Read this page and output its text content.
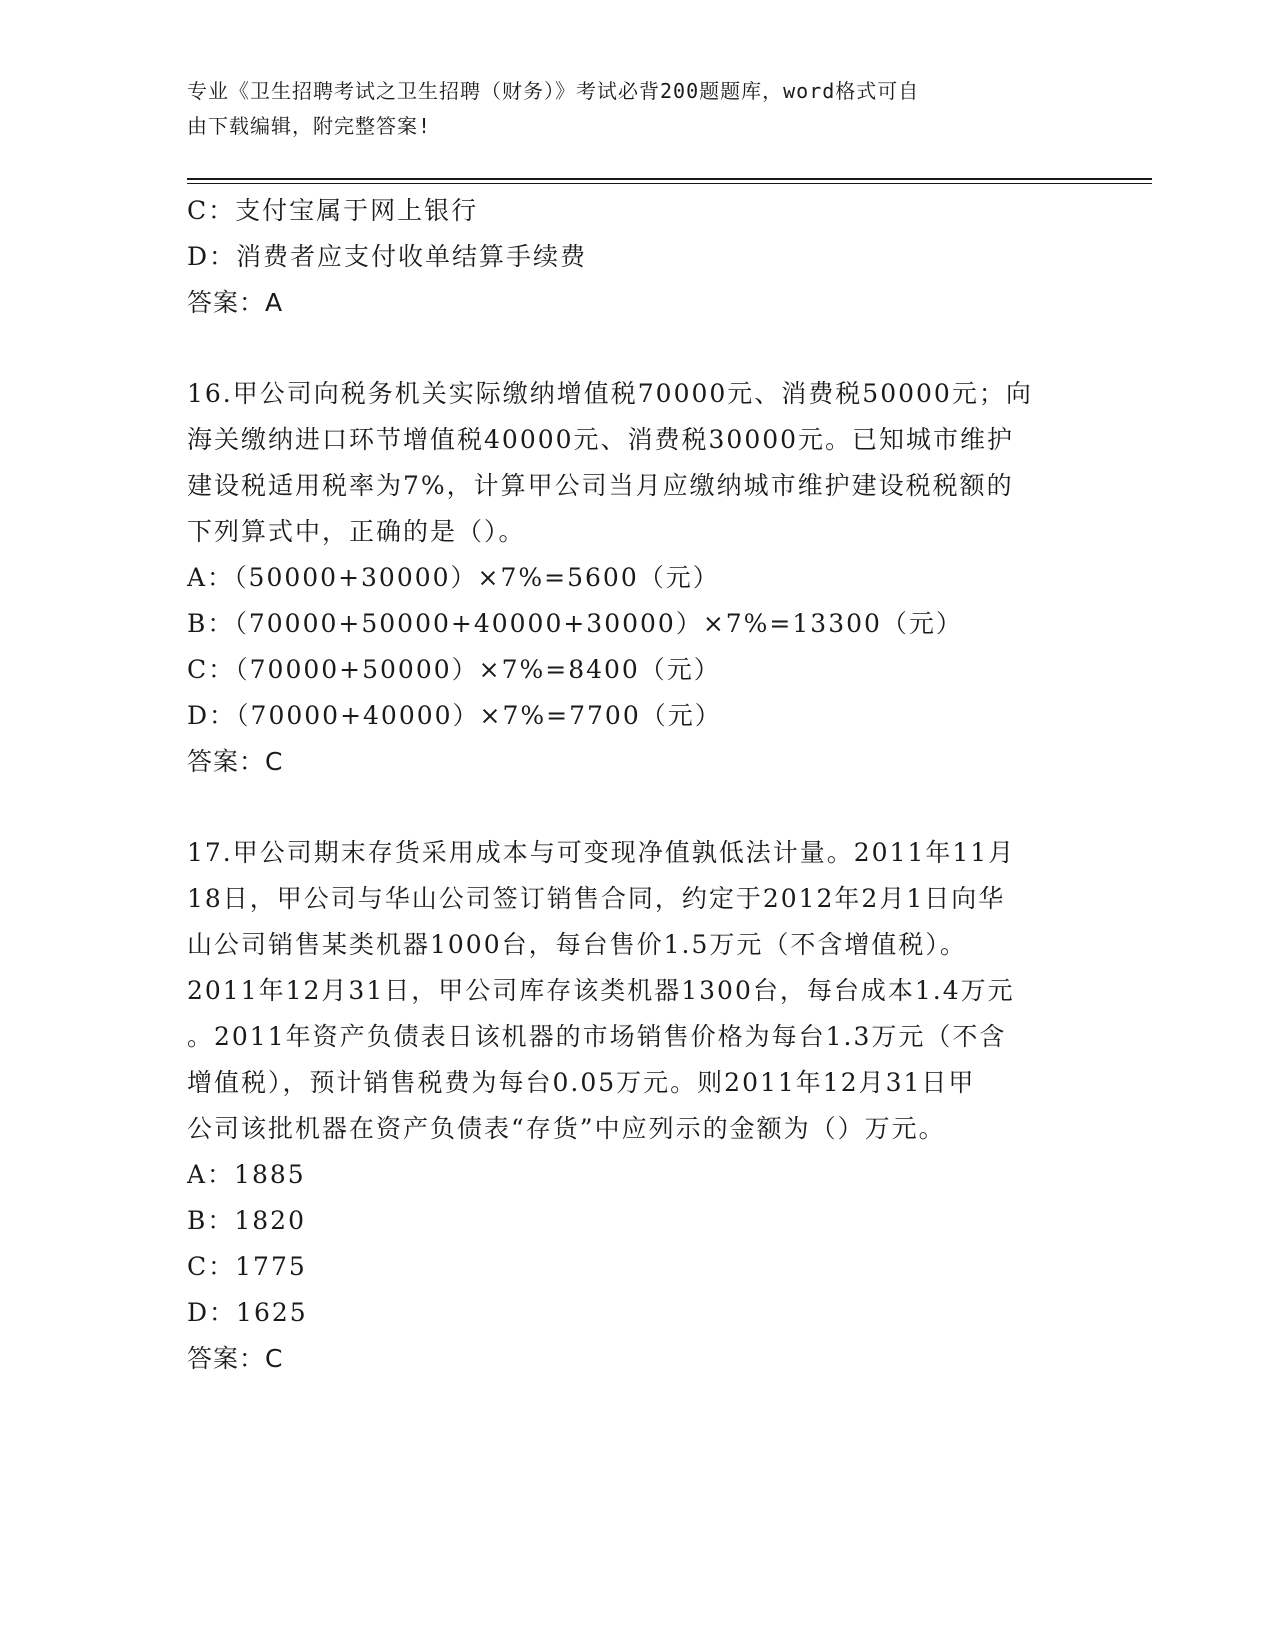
专业《卫生招聘考试之卫生招聘（财务）》考试必背200题题库，word格式可自
由下载编辑，附完整答案!

C：支付宝属于网上银行

D：消费者应支付收单结算手续费

答案：A

16.甲公司向税务机关实际缴纳增值税70000元、消费税50000元；向

海关缴纳进口环节增值税40000元、消费税30000元。已知城市维护

建设税适用税率为7%，计算甲公司当月应缴纳城市维护建设税税额的

下列算式中，正确的是（）。

A：（50000+30000）×7%=5600（元）

B：（70000+50000+40000+30000）×7%=13300（元）

C：（70000+50000）×7%=8400（元）

D：（70000+40000）×7%=7700（元）

答案：C

17.甲公司期末存货采用成本与可变现净值孰低法计量。2011年11月

18日，甲公司与华山公司签订销售合同，约定于2012年2月1日向华

山公司销售某类机器1000台，每台售价1.5万元（不含增值税）。

2011年12月31日，甲公司库存该类机器1300台，每台成本1.4万元

。2011年资产负债表日该机器的市场销售价格为每台1.3万元（不含

增值税），预计销售税费为每台0.05万元。则2011年12月31日甲

公司该批机器在资产负债表“存货”中应列示的金额为（）万元。

A：1885

B：1820

C：1775

D：1625

答案：C
